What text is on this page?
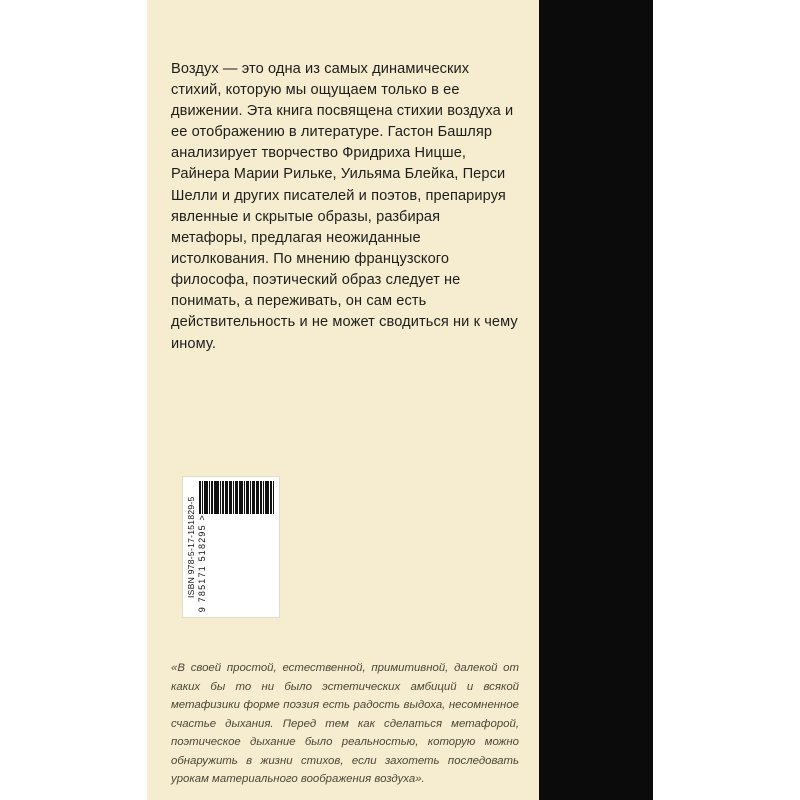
Воздух — это одна из самых динамических стихий, которую мы ощущаем только в ее движении. Эта книга посвящена стихии воздуха и ее отображению в литературе. Гастон Башляр анализирует творчество Фридриха Ницше, Райнера Марии Рильке, Уильяма Блейка, Перси Шелли и других писателей и поэтов, препарируя явленные и скрытые образы, разбирая метафоры, предлагая неожиданные истолкования. По мнению французского философа, поэтический образ следует не понимать, а переживать, он сам есть действительность и не может сводиться ни к чему иному.

ISBN 978-5-17-151829-5 9 785171 518295 >

«В своей простой, естественной, примитивной, далекой от каких бы то ни было эстетических амбиций и всякой метафизики форме поэзия есть радость выдоха, несомненное счастье дыхания. Перед тем как сделаться метафорой, поэтическое дыхание было реальностью, которую можно обнаружить в жизни стихов, если захотеть последовать урокам материального воображения воздуха».
